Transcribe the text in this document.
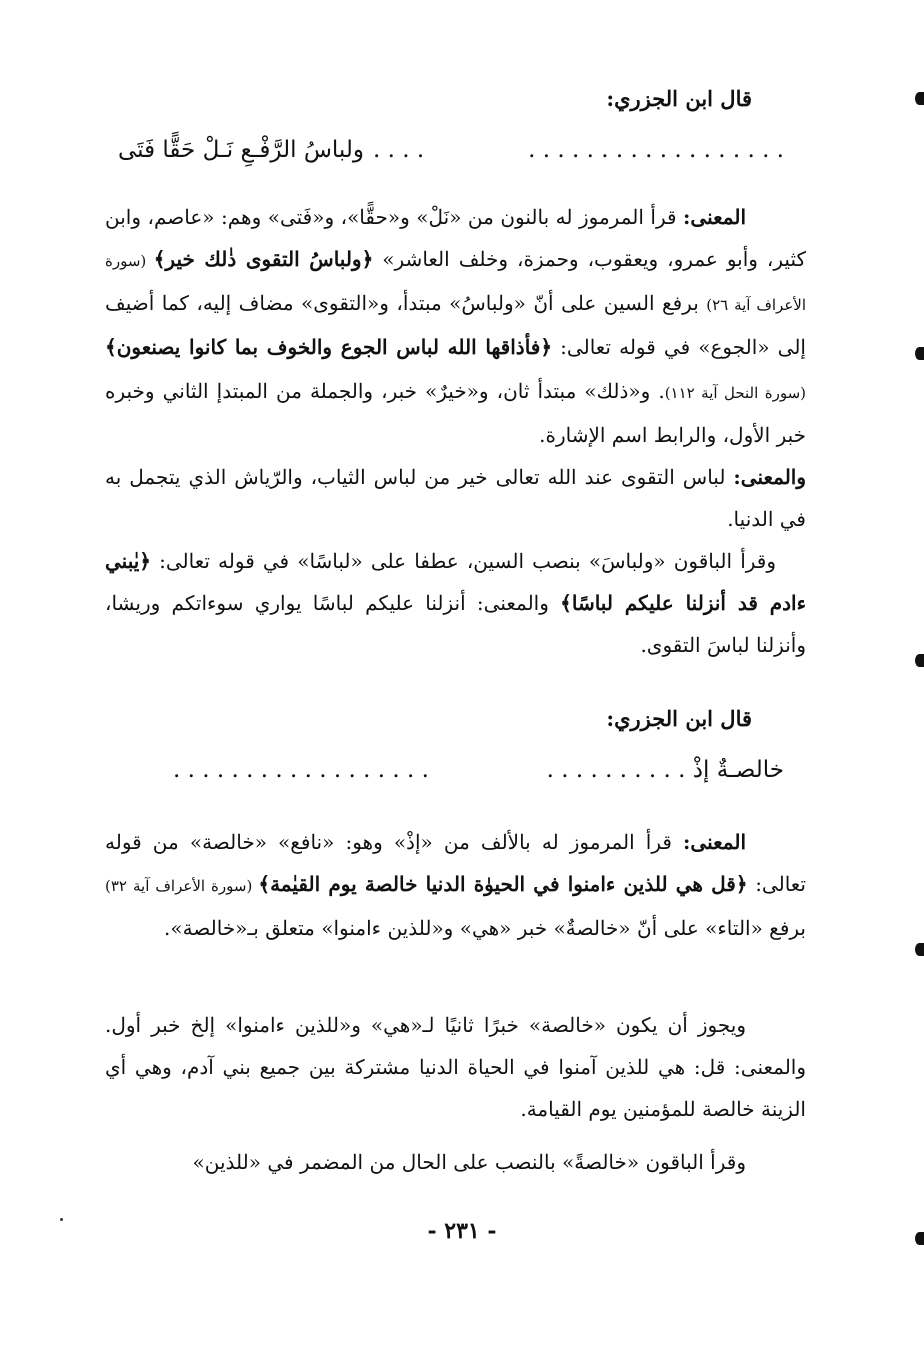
قال ابن الجزري:
ولباسُ الرَّفْـعِ نَـلْ حَقًّا فَتَى . . . .	. . . . . . . . . . . . . . . . . .

المعنى: قرأ المرموز له بالنون من «نَلْ» و«حقًّا»، و«فَتى» وهم: «عاصم، وابن كثير، وأبو عمرو، ويعقوب، وحمزة، وخلف العاشر» ﴿ولباسُ التقوى ذٰلك خير﴾ (سورة الأعراف آية ٢٦) برفع السين على أنّ «ولباسُ» مبتدأ، و«التقوى» مضاف إليه، كما أضيف إلى «الجوع» في قوله تعالى: ﴿فأذاقها الله لباس الجوع والخوف بما كانوا يصنعون﴾ (سورة النحل آية ١١٢). و«ذلك» مبتدأ ثان، و«خيرٌ» خبر، والجملة من المبتدإ الثاني وخبره خبر الأول، والرابط اسم الإشارة.

والمعنى: لباس التقوى عند الله تعالى خير من لباس الثياب، والرّياش الذي يتجمل به في الدنيا.

وقرأ الباقون «ولباسَ» بنصب السين، عطفا على «لباسًا» في قوله تعالى: ﴿يٰبني ءادم قد أنزلنا عليكم لباسًا﴾ والمعنى: أنزلنا عليكم لباسًا يواري سوءاتكم وريشا، وأنزلنا لباسَ التقوى.

قال ابن الجزري:
خالصـةٌ إذْ . . . . . . . . . .
. . . . . . . . . . . . . . . . . .

المعنى: قرأ المرموز له بالألف من «إذْ» وهو: «نافع» «خالصة» من قوله تعالى: ﴿قل هي للذين ءامنوا في الحيوٰة الدنيا خالصة يوم القيٰمة﴾ (سورة الأعراف آية ٣٢) برفع «التاء» على أنّ «خالصةٌ» خبر «هي» و«للذين ءامنوا» متعلق بـ«خالصة».

ويجوز أن يكون «خالصة» خبرًا ثانيًا لـ«هي» و«للذين ءامنوا» إلخ خبر أول. والمعنى: قل: هي للذين آمنوا في الحياة الدنيا مشتركة بين جميع بني آدم، وهي أي الزينة خالصة للمؤمنين يوم القيامة.

وقرأ الباقون «خالصةً» بالنصب على الحال من المضمر في «للذين»

- ٢٣١ -
